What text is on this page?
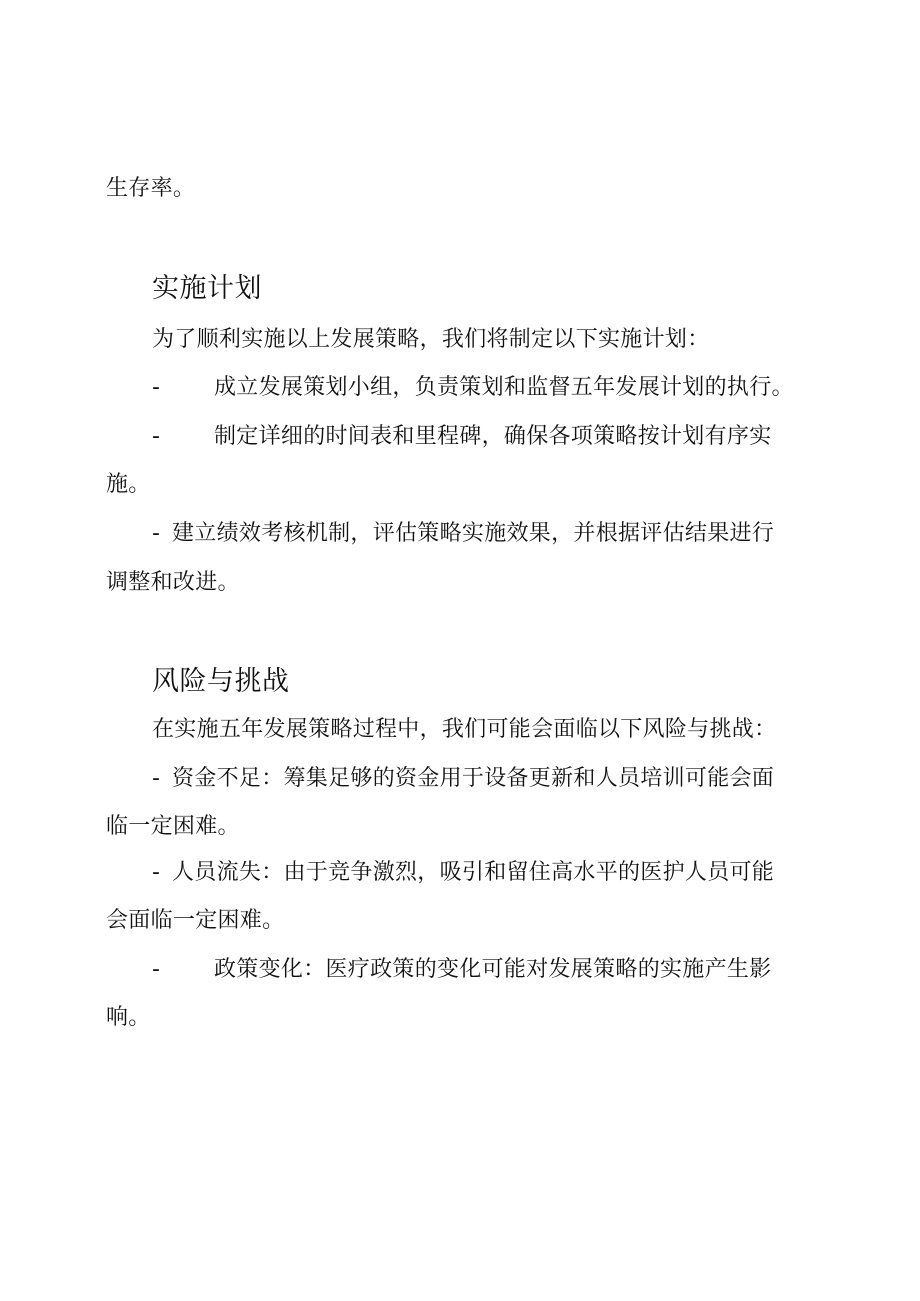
生存率。
实施计划
为了顺利实施以上发展策略，我们将制定以下实施计划：
- 成立发展策划小组，负责策划和监督五年发展计划的执行。
- 制定详细的时间表和里程碑，确保各项策略按计划有序实
施。
- 建立绩效考核机制，评估策略实施效果，并根据评估结果进行
调整和改进。
风险与挑战
在实施五年发展策略过程中，我们可能会面临以下风险与挑战：
- 资金不足：筹集足够的资金用于设备更新和人员培训可能会面
临一定困难。
- 人员流失：由于竞争激烈，吸引和留住高水平的医护人员可能
会面临一定困难。
- 政策变化：医疗政策的变化可能对发展策略的实施产生影
响。
